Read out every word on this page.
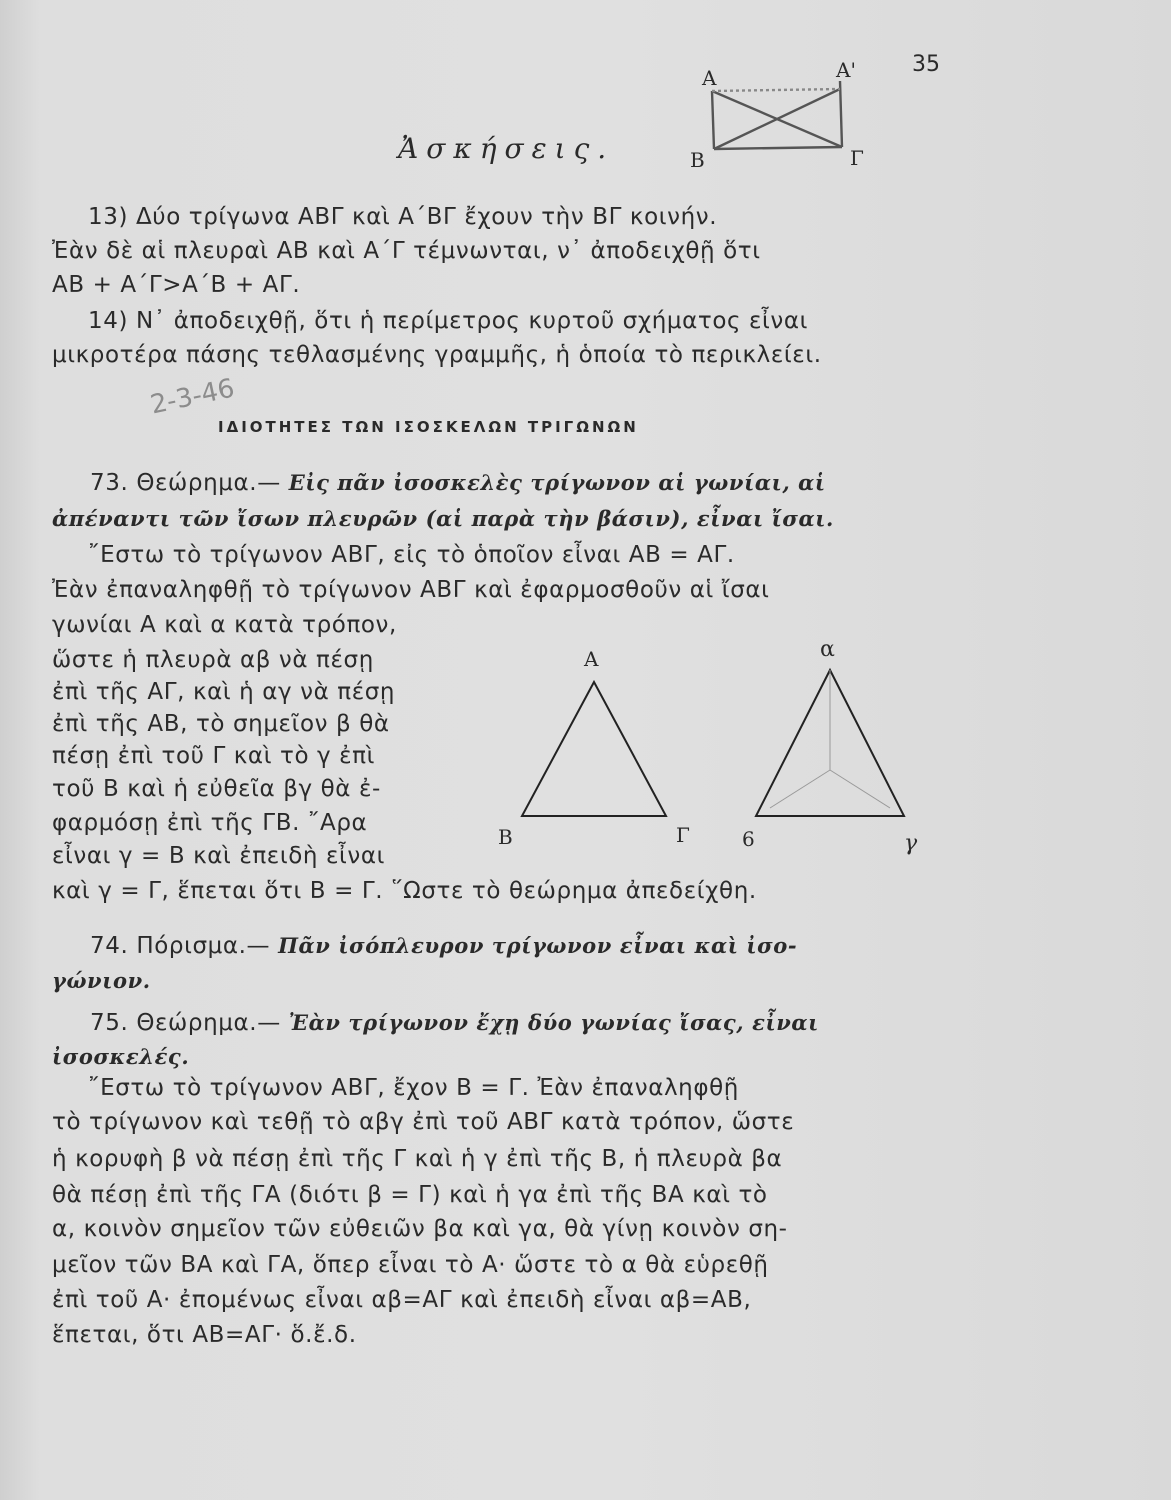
35
A	A'
B	Γ
Ἀσκήσεις.
13) Δύο τρίγωνα ΑΒΓ καὶ Α΄ΒΓ ἔχουν τὴν ΒΓ κοινήν.
Ἐὰν δὲ αἱ πλευραὶ ΑΒ καὶ Α΄Γ τέμνωνται, ν᾽ ἀποδειχθῇ ὅτι
ΑΒ + Α΄Γ>Α΄Β + ΑΓ.
14) Ν᾽ ἀποδειχθῇ, ὅτι ἡ περίμετρος κυρτοῦ σχήματος εἶναι
μικροτέρα πάσης τεθλασμένης γραμμῆς, ἡ ὁποία τὸ περικλείει.
2-3-46
ΙΔΙΟΤΗΤΕΣ ΤΩΝ ΙΣΟΣΚΕΛΩΝ ΤΡΙΓΩΝΩΝ
73. Θεώρημα.— Εἰς πᾶν ἰσοσκελὲς τρίγωνον αἱ γωνίαι, αἱ
ἀπέναντι τῶν ἴσων πλευρῶν (αἱ παρὰ τὴν βάσιν), εἶναι ἴσαι.
῎Εστω τὸ τρίγωνον ΑΒΓ, εἰς τὸ ὁποῖον εἶναι ΑΒ = ΑΓ.
Ἐὰν ἐπαναληφθῇ τὸ τρίγωνον ΑΒΓ καὶ ἐφαρμοσθοῦν αἱ ἴσαι
γωνίαι Α καὶ α κατὰ τρόπον,
ὥστε ἡ πλευρὰ αβ νὰ πέσῃ
ἐπὶ τῆς ΑΓ, καὶ ἡ αγ νὰ πέσῃ
ἐπὶ τῆς ΑΒ, τὸ σημεῖον β θὰ
πέσῃ ἐπὶ τοῦ Γ καὶ τὸ γ ἐπὶ
τοῦ Β καὶ ἡ εὐθεῖα βγ θὰ ἐ-
φαρμόσῃ ἐπὶ τῆς ΓΒ. ῎Αρα
εἶναι γ = Β καὶ ἐπειδὴ εἶναι
καὶ γ = Γ, ἕπεται ὅτι Β = Γ. ῞Ωστε τὸ θεώρημα ἀπεδείχθη.
A
B	Γ
α
6	γ
74. Πόρισμα.— Πᾶν ἰσόπλευρον τρίγωνον εἶναι καὶ ἰσο-
γώνιον.
75. Θεώρημα.— Ἐὰν τρίγωνον ἔχῃ δύο γωνίας ἴσας, εἶναι
ἰσοσκελές.
῎Εστω τὸ τρίγωνον ΑΒΓ, ἔχον Β = Γ. Ἐὰν ἐπαναληφθῇ
τὸ τρίγωνον καὶ τεθῇ τὸ αβγ ἐπὶ τοῦ ΑΒΓ κατὰ τρόπον, ὥστε
ἡ κορυφὴ β νὰ πέσῃ ἐπὶ τῆς Γ καὶ ἡ γ ἐπὶ τῆς Β, ἡ πλευρὰ βα
θὰ πέσῃ ἐπὶ τῆς ΓΑ (διότι β = Γ) καὶ ἡ γα ἐπὶ τῆς ΒΑ καὶ τὸ
α, κοινὸν σημεῖον τῶν εὐθειῶν βα καὶ γα, θὰ γίνῃ κοινὸν ση-
μεῖον τῶν ΒΑ καὶ ΓΑ, ὅπερ εἶναι τὸ Α· ὥστε τὸ α θὰ εὑρεθῇ
ἐπὶ τοῦ Α· ἐπομένως εἶναι αβ=ΑΓ καὶ ἐπειδὴ εἶναι αβ=ΑΒ,
ἕπεται, ὅτι ΑΒ=ΑΓ· ὅ.ἔ.δ.
